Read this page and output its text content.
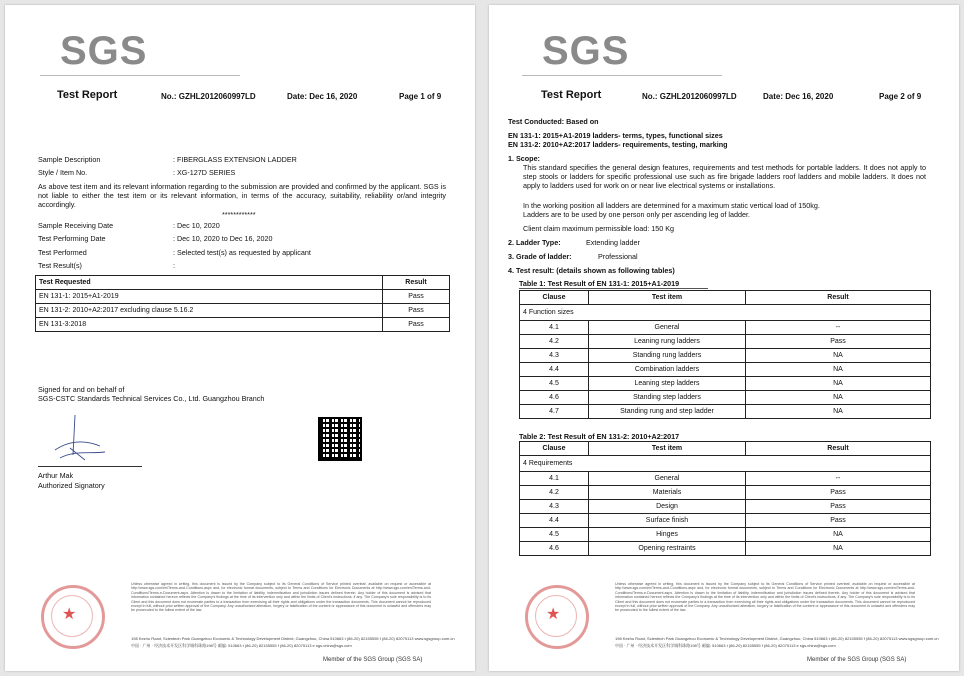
SGS
Test Report	No.: GZHL2012060997LD	Date: Dec 16, 2020	Page 1 of 9
Sample Description	: FIBERGLASS EXTENSION LADDER
Style / Item No.	: XG-127D SERIES
As above test item and its relevant information regarding to the submission are provided and confirmed by the applicant. SGS is not liable to either the test item or its relevant information, in terms of the accuracy, suitability, reliability or/and integrity accordingly.
************
Sample Receiving Date	: Dec 10, 2020
Test Performing Date	: Dec 10, 2020 to Dec 16, 2020
Test Performed	: Selected test(s) as requested by applicant
Test Result(s)	:
Test Requested	Result
EN 131-1: 2015+A1-2019	Pass
EN 131-2: 2010+A2:2017 excluding clause 5.16.2	Pass
EN 131-3:2018	Pass
Signed for and on behalf of
SGS-CSTC Standards Technical Services Co., Ltd. Guangzhou Branch
Arthur Mak
Authorized Signatory
★
Unless otherwise agreed in writing, this document is issued by the Company subject to its General Conditions of Service printed overleaf, available on request or accessible at http://www.sgs.com/en/Terms-and-Conditions.aspx and, for electronic format documents, subject to Terms and Conditions for Electronic Documents at http://www.sgs.com/en/Terms-and-Conditions/Terms-e-Document.aspx. Attention is drawn to the limitation of liability, indemnification and jurisdiction issues defined therein. Any holder of this document is advised that information contained hereon reflects the Company's findings at the time of its intervention only and within the limits of Client's instructions, if any. The Company's sole responsibility is to its Client and this document does not exonerate parties to a transaction from exercising all their rights and obligations under the transaction documents. This document cannot be reproduced except in full, without prior written approval of the Company. Any unauthorized alteration, forgery or falsification of the content or appearance of this document is unlawful and offenders may be prosecuted to the fullest extent of the law.
198 Kezhu Road, Scientech Park Guangzhou Economic & Technology Development District, Guangzhou, China 510663 t (86-20) 82155555 f (86-20) 82075113 www.sgsgroup.com.cn
中国 · 广州 · 经济技术开发区科学城科珠路198号 邮编: 510663 t (86-20) 82155555 f (86-20) 82075113 e sgs.china@sgs.com
Member of the SGS Group (SGS SA)
SGS
Test Report	No.: GZHL2012060997LD	Date: Dec 16, 2020	Page 2 of 9
Test Conducted: Based on
EN 131-1: 2015+A1-2019 ladders- terms, types, functional sizes
EN 131-2: 2010+A2:2017 ladders- requirements, testing, marking
1. Scope:
This standard specifies the general design features, requirements and test methods for portable ladders. It does not apply to step stools or ladders for specific professional use such as fire brigade ladders roof ladders and mobile ladders. It does not apply to ladders used for work on or near live electrical systems or installations.
In the working position all ladders are determined for a maximum static vertical load of 150kg.
Ladders are to be used by one person only per ascending leg of ladder.
Client claim maximum permissible load: 150 Kg
2. Ladder Type:	Extending ladder
3. Grade of ladder:	Professional
4. Test result: (details shown as following tables)
Table 1: Test Result of EN 131-1: 2015+A1-2019
Clause	Test item	Result
4 Function sizes		
4.1	General	--
4.2	Leaning rung ladders	Pass
4.3	Standing rung ladders	NA
4.4	Combination ladders	NA
4.5	Leaning step ladders	NA
4.6	Standing step ladders	NA
4.7	Standing rung and step ladder	NA
Table 2: Test Result of EN 131-2: 2010+A2:2017
Clause	Test item	Result
4 Requirements		
4.1	General	--
4.2	Materials	Pass
4.3	Design	Pass
4.4	Surface finish	Pass
4.5	Hinges	NA
4.6	Opening restraints	NA
★
Unless otherwise agreed in writing, this document is issued by the Company subject to its General Conditions of Service printed overleaf, available on request or accessible at http://www.sgs.com/en/Terms-and-Conditions.aspx and, for electronic format documents, subject to Terms and Conditions for Electronic Documents at http://www.sgs.com/en/Terms-and-Conditions/Terms-e-Document.aspx. Attention is drawn to the limitation of liability, indemnification and jurisdiction issues defined therein. Any holder of this document is advised that information contained hereon reflects the Company's findings at the time of its intervention only and within the limits of Client's instructions, if any. The Company's sole responsibility is to its Client and this document does not exonerate parties to a transaction from exercising all their rights and obligations under the transaction documents. This document cannot be reproduced except in full, without prior written approval of the Company. Any unauthorized alteration, forgery or falsification of the content or appearance of this document is unlawful and offenders may be prosecuted to the fullest extent of the law.
198 Kezhu Road, Scientech Park Guangzhou Economic & Technology Development District, Guangzhou, China 510663 t (86-20) 82155555 f (86-20) 82075113 www.sgsgroup.com.cn
中国 · 广州 · 经济技术开发区科学城科珠路198号 邮编: 510663 t (86-20) 82155555 f (86-20) 82075113 e sgs.china@sgs.com
Member of the SGS Group (SGS SA)
